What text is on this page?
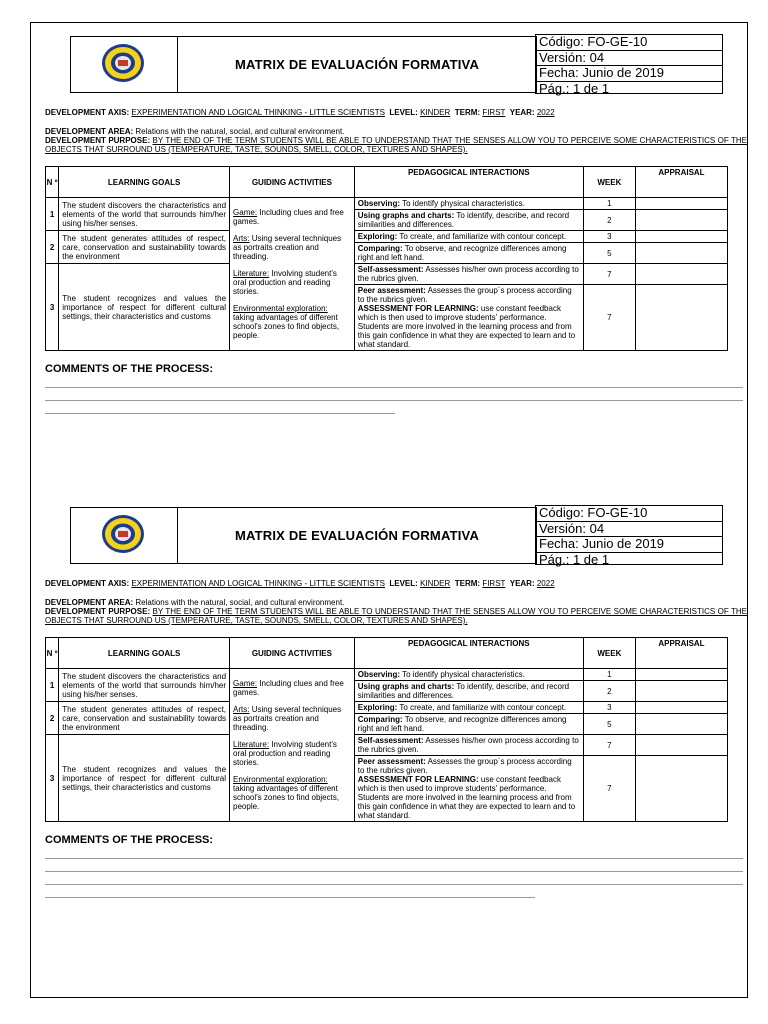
MATRIX DE EVALUACIÓN FORMATIVA
Código: FO-GE-10
Versión: 04
Fecha: Junio de 2019
Pág.: 1 de 1
DEVELOPMENT AXIS: EXPERIMENTATION AND LOGICAL THINKING - LITTLE SCIENTISTS LEVEL: KINDER TERM: FIRST YEAR: 2022
DEVELOPMENT AREA: Relations with the natural, social, and cultural environment.
DEVELOPMENT PURPOSE: BY THE END OF THE TERM STUDENTS WILL BE ABLE TO UNDERSTAND THAT THE SENSES ALLOW YOU TO PERCEIVE SOME CHARACTERISTICS OF THE OBJECTS THAT SURROUND US (TEMPERATURE, TASTE, SOUNDS, SMELL, COLOR, TEXTURES AND SHAPES).
N º	LEARNING GOALS	GUIDING ACTIVITIES	PEDAGOGICAL INTERACTIONS	WEEK	APPRAISAL
1	The student discovers the characteristics and elements of the world that surrounds him/her using his/her senses.	Game: Including clues and free games.

Arts: Using several techniques as portraits creation and threading.

Literature: Involving student's oral production and reading stories.

Environmental exploration: taking advantages of different school's zones to find objects, people.	Observing: To identify physical characteristics.	1	
			Using graphs and charts: To identify, describe, and record similarities and differences.	2	
2	The student generates attitudes of respect, care, conservation and sustainability towards the environment		Exploring: To create, and familiarize with contour concept.	3	
			Comparing: To observe, and recognize differences among right and left hand.	5	
3	The student recognizes and values the importance of respect for different cultural settings, their characteristics and customs		Self-assessment: Assesses his/her own process according to the rubrics given.	7	
			Peer assessment: Assesses the group´s process according to the rubrics given.
ASSESSMENT FOR LEARNING: use constant feedback which is then used to improve students' performance. Students are more involved in the learning process and from this gain confidence in what they are expected to learn and to what standard.	7	
COMMENTS OF THE PROCESS:
MATRIX DE EVALUACIÓN FORMATIVA
Código: FO-GE-10
Versión: 04
Fecha: Junio de 2019
Pág.: 1 de 1
DEVELOPMENT AXIS: EXPERIMENTATION AND LOGICAL THINKING - LITTLE SCIENTISTS LEVEL: KINDER TERM: FIRST YEAR: 2022
DEVELOPMENT AREA: Relations with the natural, social, and cultural environment.
DEVELOPMENT PURPOSE: BY THE END OF THE TERM STUDENTS WILL BE ABLE TO UNDERSTAND THAT THE SENSES ALLOW YOU TO PERCEIVE SOME CHARACTERISTICS OF THE OBJECTS THAT SURROUND US (TEMPERATURE, TASTE, SOUNDS, SMELL, COLOR, TEXTURES AND SHAPES).
N º	LEARNING GOALS	GUIDING ACTIVITIES	PEDAGOGICAL INTERACTIONS	WEEK	APPRAISAL
1	The student discovers the characteristics and elements of the world that surrounds him/her using his/her senses.	Game: Including clues and free games.

Arts: Using several techniques as portraits creation and threading.

Literature: Involving student's oral production and reading stories.

Environmental exploration: taking advantages of different school's zones to find objects, people.	Observing: To identify physical characteristics.	1	
			Using graphs and charts: To identify, describe, and record similarities and differences.	2	
2	The student generates attitudes of respect, care, conservation and sustainability towards the environment		Exploring: To create, and familiarize with contour concept.	3	
			Comparing: To observe, and recognize differences among right and left hand.	5	
3	The student recognizes and values the importance of respect for different cultural settings, their characteristics and customs		Self-assessment: Assesses his/her own process according to the rubrics given.	7	
			Peer assessment: Assesses the group´s process according to the rubrics given.
ASSESSMENT FOR LEARNING: use constant feedback which is then used to improve students' performance. Students are more involved in the learning process and from this gain confidence in what they are expected to learn and to what standard.	7	
COMMENTS OF THE PROCESS:
